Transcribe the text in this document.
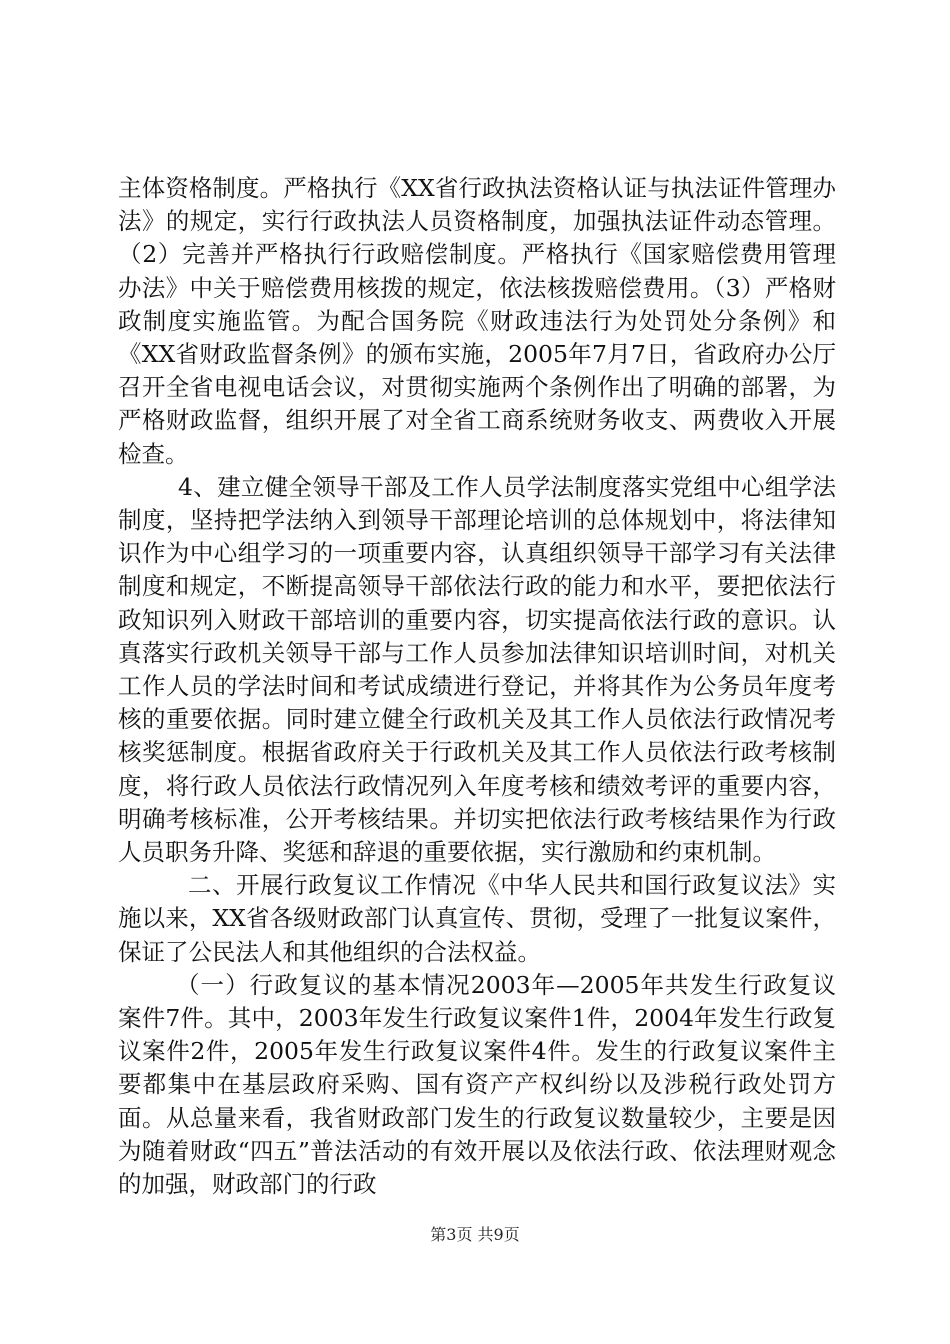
主体资格制度。严格执行《XX省行政执法资格认证与执法证件管理办法》的规定，实行行政执法人员资格制度，加强执法证件动态管理。（2）完善并严格执行行政赔偿制度。严格执行《国家赔偿费用管理办法》中关于赔偿费用核拨的规定，依法核拨赔偿费用。（3）严格财政制度实施监管。为配合国务院《财政违法行为处罚处分条例》和《XX省财政监督条例》的颁布实施，2005年7月7日，省政府办公厅召开全省电视电话会议，对贯彻实施两个条例作出了明确的部署，为严格财政监督，组织开展了对全省工商系统财务收支、两费收入开展检查。

4、建立健全领导干部及工作人员学法制度落实党组中心组学法制度，坚持把学法纳入到领导干部理论培训的总体规划中，将法律知识作为中心组学习的一项重要内容，认真组织领导干部学习有关法律制度和规定，不断提高领导干部依法行政的能力和水平，要把依法行政知识列入财政干部培训的重要内容，切实提高依法行政的意识。认真落实行政机关领导干部与工作人员参加法律知识培训时间，对机关工作人员的学法时间和考试成绩进行登记，并将其作为公务员年度考核的重要依据。同时建立健全行政机关及其工作人员依法行政情况考核奖惩制度。根据省政府关于行政机关及其工作人员依法行政考核制度，将行政人员依法行政情况列入年度考核和绩效考评的重要内容，明确考核标准，公开考核结果。并切实把依法行政考核结果作为行政人员职务升降、奖惩和辞退的重要依据，实行激励和约束机制。

二、开展行政复议工作情况《中华人民共和国行政复议法》实施以来，XX省各级财政部门认真宣传、贯彻，受理了一批复议案件，保证了公民法人和其他组织的合法权益。

（一）行政复议的基本情况2003年—2005年共发生行政复议案件7件。其中，2003年发生行政复议案件1件，2004年发生行政复议案件2件，2005年发生行政复议案件4件。发生的行政复议案件主要都集中在基层政府采购、国有资产产权纠纷以及涉税行政处罚方面。从总量来看，我省财政部门发生的行政复议数量较少，主要是因为随着财政“四五”普法活动的有效开展以及依法行政、依法理财观念的加强，财政部门的行政

第3页 共9页
